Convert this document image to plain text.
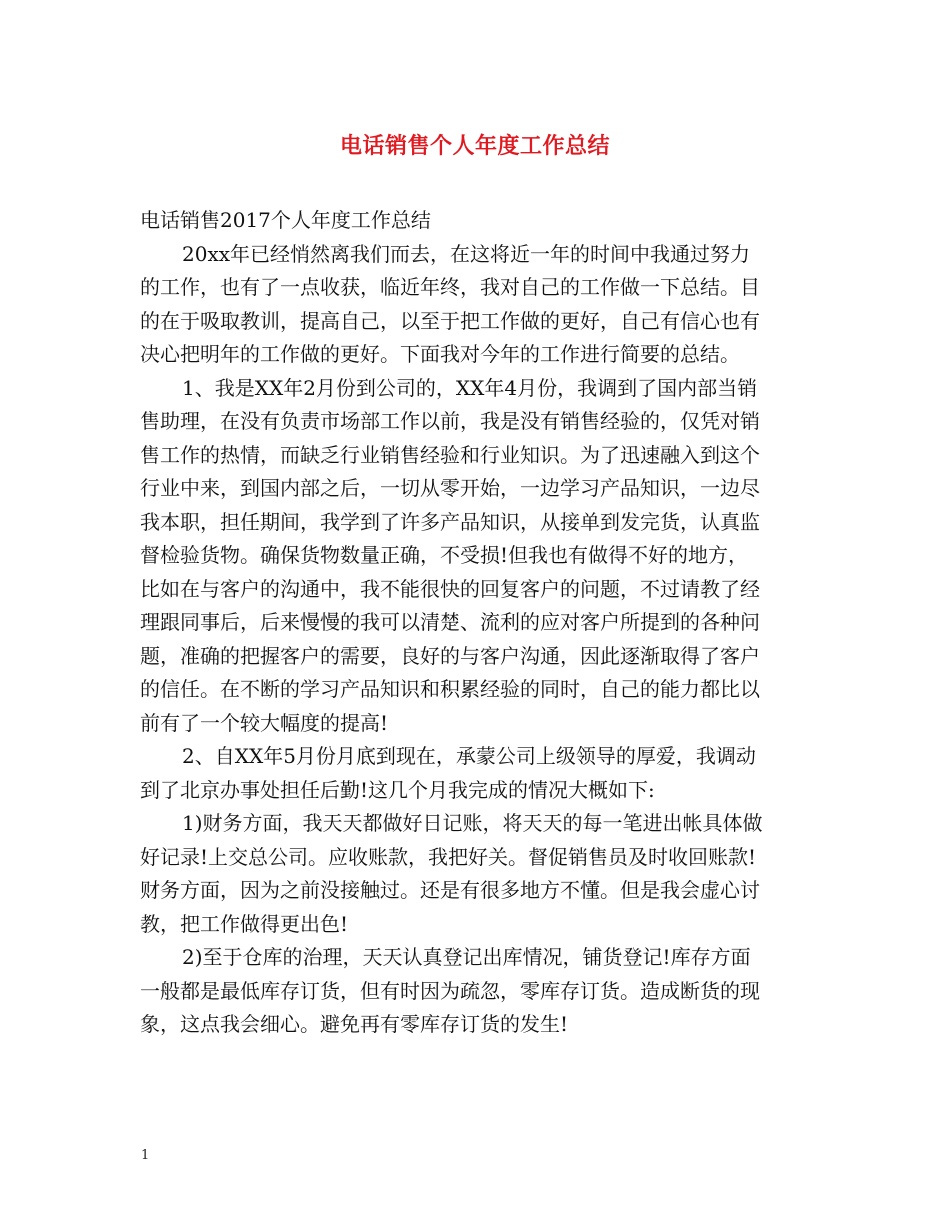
电话销售个人年度工作总结
电话销售2017个人年度工作总结
20xx年已经悄然离我们而去，在这将近一年的时间中我通过努力
的工作，也有了一点收获，临近年终，我对自己的工作做一下总结。目
的在于吸取教训，提高自己，以至于把工作做的更好，自己有信心也有
决心把明年的工作做的更好。下面我对今年的工作进行简要的总结。
1、我是XX年2月份到公司的，XX年4月份，我调到了国内部当销
售助理，在没有负责市场部工作以前，我是没有销售经验的，仅凭对销
售工作的热情，而缺乏行业销售经验和行业知识。为了迅速融入到这个
行业中来，到国内部之后，一切从零开始，一边学习产品知识，一边尽
我本职，担任期间，我学到了许多产品知识，从接单到发完货，认真监
督检验货物。确保货物数量正确，不受损!但我也有做得不好的地方，
比如在与客户的沟通中，我不能很快的回复客户的问题，不过请教了经
理跟同事后，后来慢慢的我可以清楚、流利的应对客户所提到的各种问
题，准确的把握客户的需要，良好的与客户沟通，因此逐渐取得了客户
的信任。在不断的学习产品知识和积累经验的同时，自己的能力都比以
前有了一个较大幅度的提高!
2、自XX年5月份月底到现在，承蒙公司上级领导的厚爱，我调动
到了北京办事处担任后勤!这几个月我完成的情况大概如下:
1)财务方面，我天天都做好日记账，将天天的每一笔进出帐具体做
好记录!上交总公司。应收账款，我把好关。督促销售员及时收回账款!
财务方面，因为之前没接触过。还是有很多地方不懂。但是我会虚心讨
教，把工作做得更出色!
2)至于仓库的治理，天天认真登记出库情况，铺货登记!库存方面
一般都是最低库存订货，但有时因为疏忽，零库存订货。造成断货的现
象，这点我会细心。避免再有零库存订货的发生!
1
